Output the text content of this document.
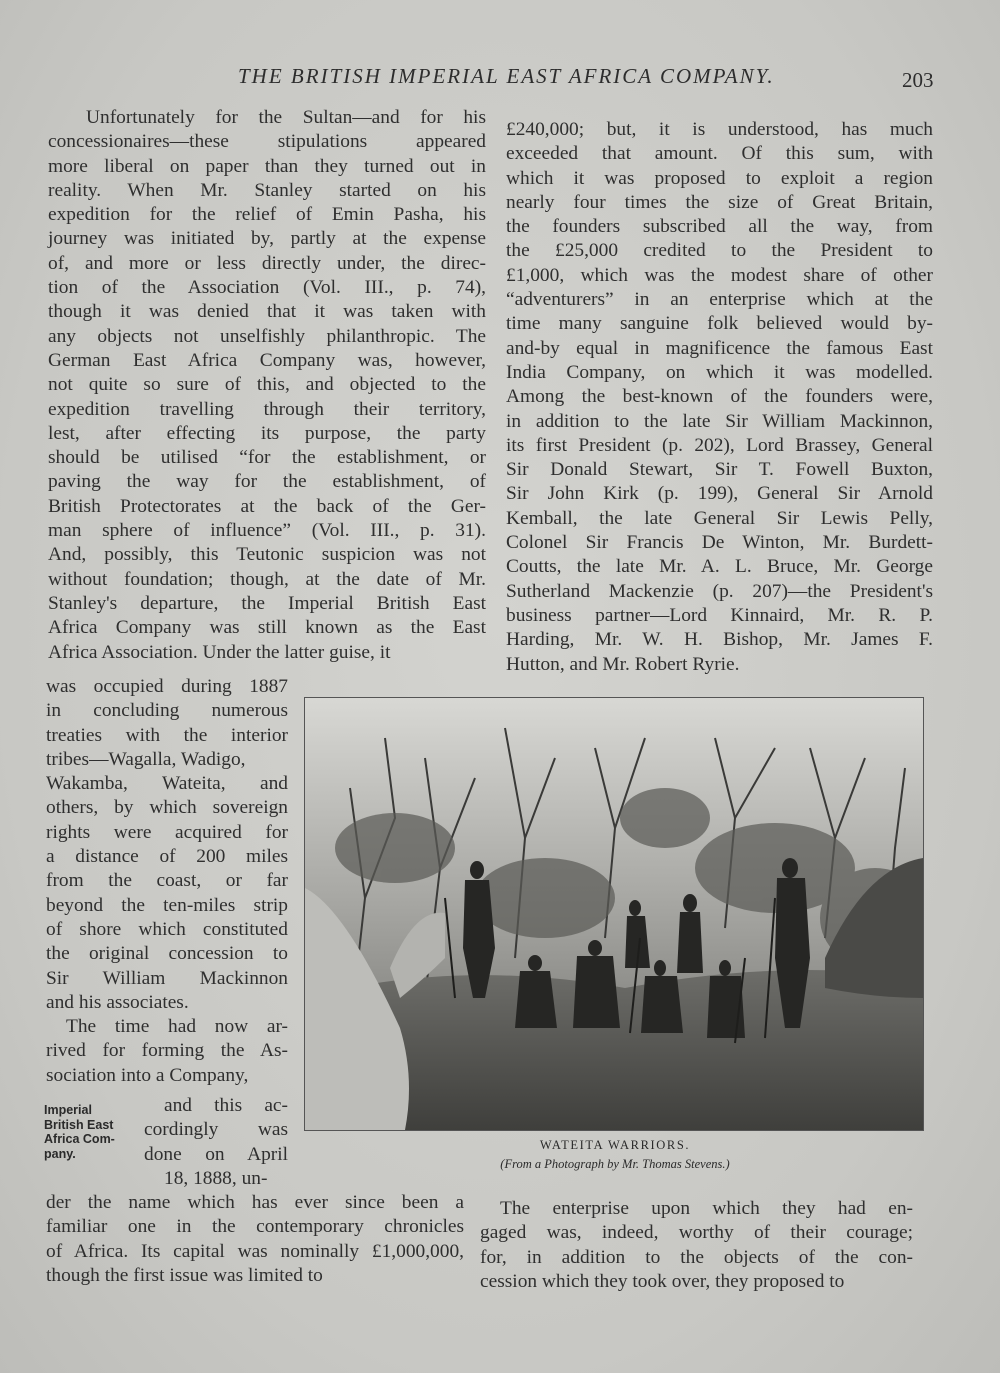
THE BRITISH IMPERIAL EAST AFRICA COMPANY.	203
Unfortunately for the Sultan—and for his
concessionaires—these stipulations appeared
more liberal on paper than they turned out in
reality. When Mr. Stanley started on his
expedition for the relief of Emin Pasha, his
journey was initiated by, partly at the expense
of, and more or less directly under, the direc-
tion of the Association (Vol. III., p. 74),
though it was denied that it was taken with
any objects not unselfishly philanthropic. The
German East Africa Company was, however,
not quite so sure of this, and objected to the
expedition travelling through their territory,
lest, after effecting its purpose, the party
should be utilised “for the establishment, or
paving the way for the establishment, of
British Protectorates at the back of the Ger-
man sphere of influence” (Vol. III., p. 31).
And, possibly, this Teutonic suspicion was not
without foundation; though, at the date of Mr.
Stanley's departure, the Imperial British East
Africa Company was still known as the East
Africa Association. Under the latter guise, it
£240,000; but, it is understood, has much
exceeded that amount. Of this sum, with
which it was proposed to exploit a region
nearly four times the size of Great Britain,
the founders subscribed all the way, from
the £25,000 credited to the President to
£1,000, which was the modest share of other
“adventurers” in an enterprise which at the
time many sanguine folk believed would by-
and-by equal in magnificence the famous East
India Company, on which it was modelled.
Among the best-known of the founders were,
in addition to the late Sir William Mackinnon,
its first President (p. 202), Lord Brassey, General
Sir Donald Stewart, Sir T. Fowell Buxton,
Sir John Kirk (p. 199), General Sir Arnold
Kemball, the late General Sir Lewis Pelly,
Colonel Sir Francis De Winton, Mr. Burdett-
Coutts, the late Mr. A. L. Bruce, Mr. George
Sutherland Mackenzie (p. 207)—the President's
business partner—Lord Kinnaird, Mr. R. P.
Harding, Mr. W. H. Bishop, Mr. James F.
Hutton, and Mr. Robert Ryrie.
was occupied during 1887
in concluding numerous
treaties with the interior
tribes—Wagalla, Wadigo,
Wakamba, Wateita, and
others, by which sovereign
rights were acquired for
a distance of 200 miles
from the coast, or far
beyond the ten-miles strip
of shore which constituted
the original concession to
Sir William Mackinnon
and his associates.
The time had now ar-
rived for forming the As-
sociation into a Company,
Imperial
British East
Africa Com-
pany.
and this ac-
cordingly was
done on April
18, 1888, un-
der the name which has ever since been a
familiar one in the contemporary chronicles
of Africa. Its capital was nominally £1,000,000,
though the first issue was limited to
The enterprise upon which they had en-
gaged was, indeed, worthy of their courage;
for, in addition to the objects of the con-
cession which they took over, they proposed to
WATEITA WARRIORS.
(From a Photograph by Mr. Thomas Stevens.)
